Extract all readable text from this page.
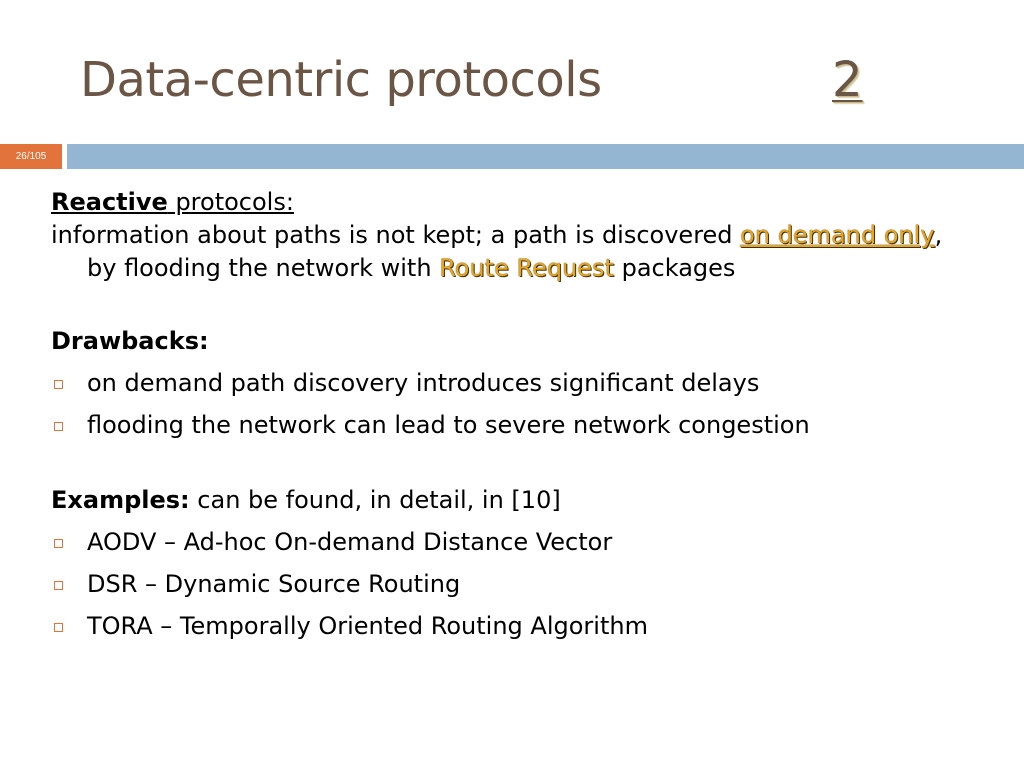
Data-centric protocols	2
26/105

Reactive protocols:

information about paths is not kept; a path is discovered on demand only, by flooding the network with Route Request packages

Drawbacks:

on demand path discovery introduces significant delays
flooding the network can lead to severe network congestion

Examples: can be found, in detail, in [10]

AODV – Ad-hoc On-demand Distance Vector
DSR – Dynamic Source Routing
TORA – Temporally Oriented Routing Algorithm
